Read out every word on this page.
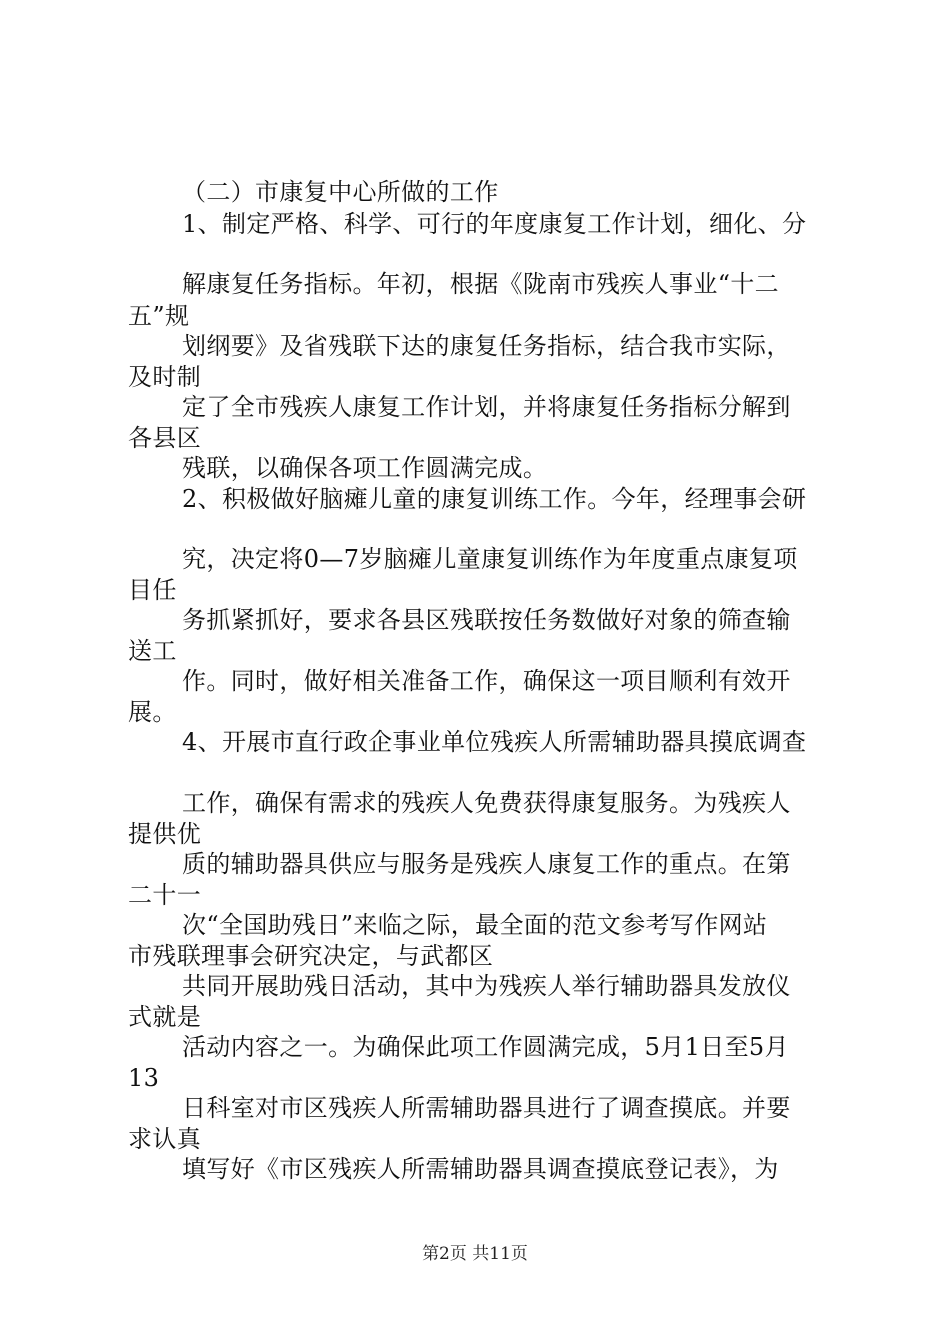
（二）市康复中心所做的工作
1、制定严格、科学、可行的年度康复工作计划，细化、分
解康复任务指标。年初，根据《陇南市残疾人事业“十二
五”规
划纲要》及省残联下达的康复任务指标，结合我市实际，
及时制
定了全市残疾人康复工作计划，并将康复任务指标分解到
各县区
残联，以确保各项工作圆满完成。
2、积极做好脑瘫儿童的康复训练工作。今年，经理事会研
究，决定将0—7岁脑瘫儿童康复训练作为年度重点康复项
目任
务抓紧抓好，要求各县区残联按任务数做好对象的筛查输
送工
作。同时，做好相关准备工作，确保这一项目顺利有效开
展。
4、开展市直行政企事业单位残疾人所需辅助器具摸底调查
工作，确保有需求的残疾人免费获得康复服务。为残疾人
提供优
质的辅助器具供应与服务是残疾人康复工作的重点。在第
二十一
次“全国助残日”来临之际，最全面的范文参考写作网站
市残联理事会研究决定，与武都区
共同开展助残日活动，其中为残疾人举行辅助器具发放仪
式就是
活动内容之一。为确保此项工作圆满完成，5月1日至5月
13
日科室对市区残疾人所需辅助器具进行了调查摸底。并要
求认真
填写好《市区残疾人所需辅助器具调查摸底登记表》，为
第2页 共11页
